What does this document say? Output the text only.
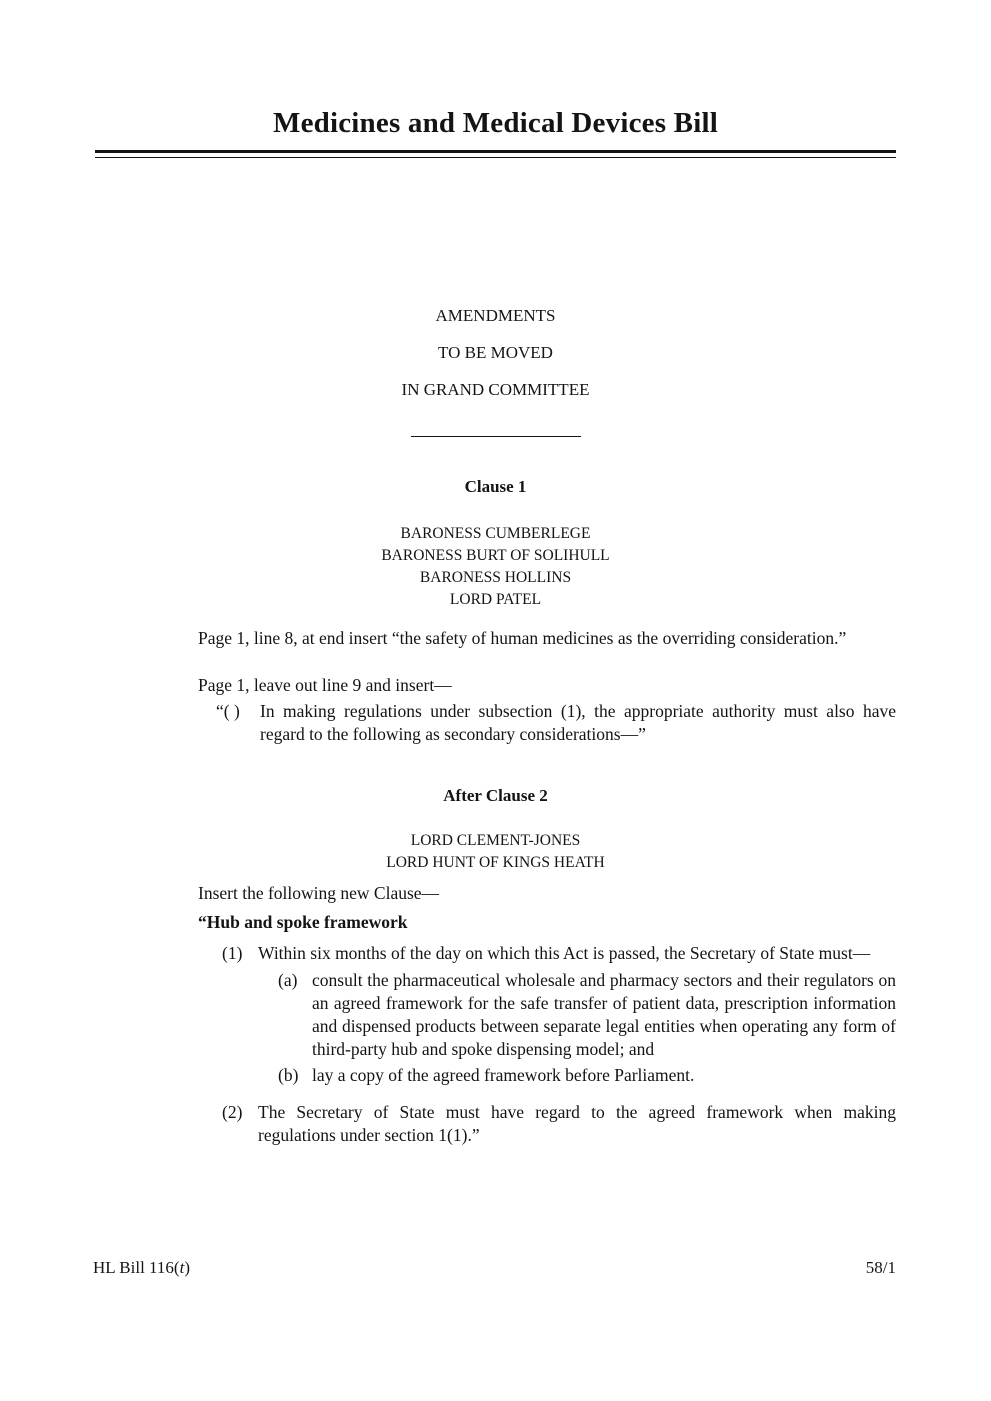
Medicines and Medical Devices Bill
AMENDMENTS
TO BE MOVED
IN GRAND COMMITTEE
Clause 1
BARONESS CUMBERLEGE
BARONESS BURT OF SOLIHULL
BARONESS HOLLINS
LORD PATEL

Page 1, line 8, at end insert “the safety of human medicines as the overriding consideration.”

Page 1, leave out line 9 and insert—

“( )	In making regulations under subsection (1), the appropriate authority must also have regard to the following as secondary considerations—”
After Clause 2
LORD CLEMENT-JONES
LORD HUNT OF KINGS HEATH

Insert the following new Clause—

“Hub and spoke framework

(1) Within six months of the day on which this Act is passed, the Secretary of State must—
(a) consult the pharmaceutical wholesale and pharmacy sectors and their regulators on an agreed framework for the safe transfer of patient data, prescription information and dispensed products between separate legal entities when operating any form of third-party hub and spoke dispensing model; and
(b) lay a copy of the agreed framework before Parliament.
(2) The Secretary of State must have regard to the agreed framework when making regulations under section 1(1).”
HL Bill 116(t)	58/1
